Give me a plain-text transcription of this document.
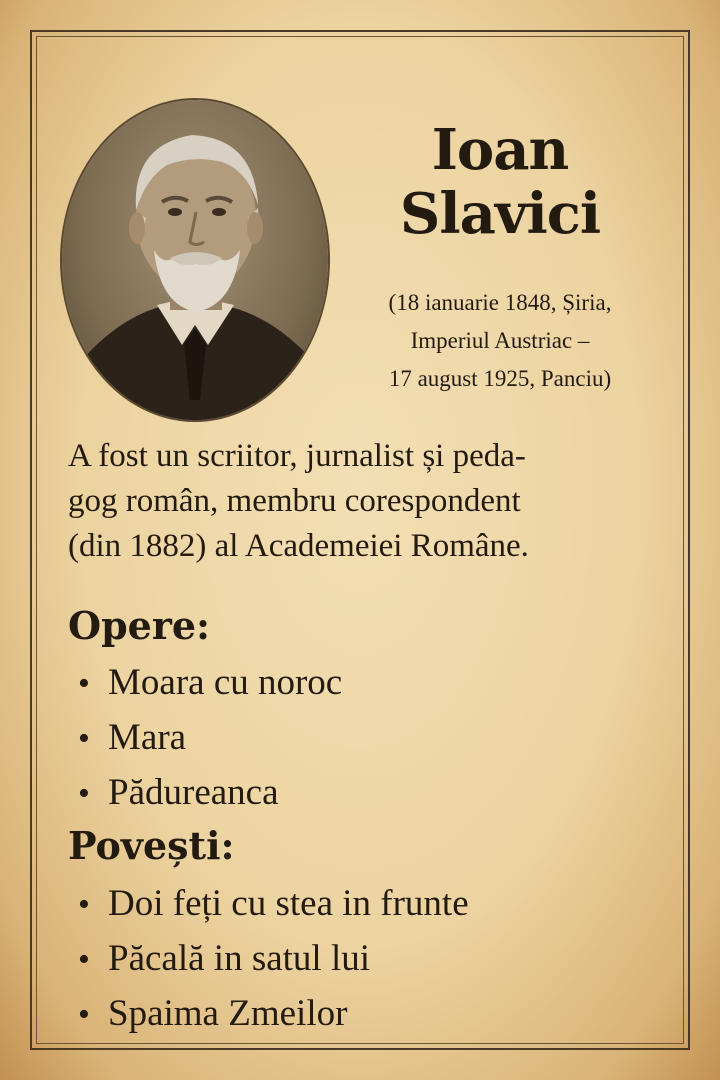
Ioan
Slavici
(18 ianuarie 1848, Șiria,
Imperiul Austriac –
17 august 1925, Panciu)
A fost un scriitor, jurnalist și peda-
gog român, membru corespondent
(din 1882) al Academeiei Române.
Opere:
• Moara cu noroc
• Mara
• Pădureanca
Povești:
• Doi feți cu stea in frunte
• Păcală in satul lui
• Spaima Zmeilor
